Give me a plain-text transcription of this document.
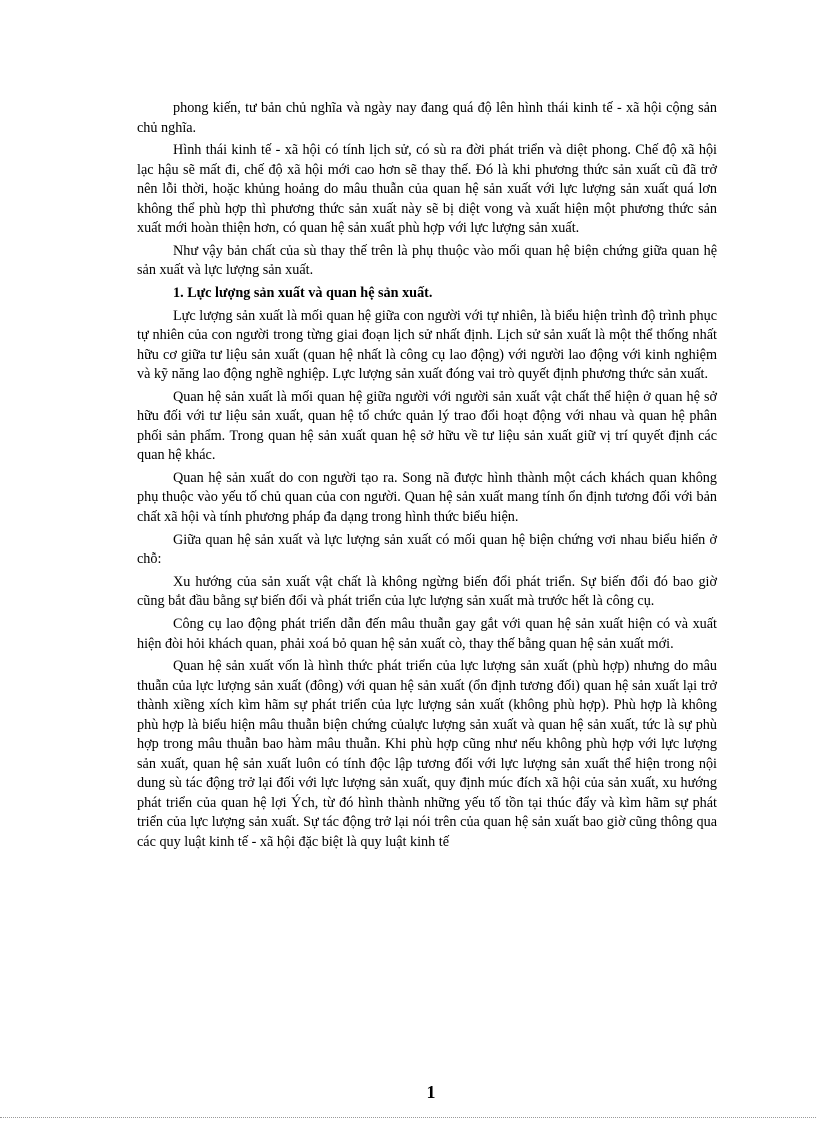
phong kiến, tư bản chủ nghĩa và ngày nay đang quá độ lên hình thái kinh tế - xã hội cộng sản chủ nghĩa.

Hình thái kinh tế - xã hội có tính lịch sử, có sù ra đời phát triển và diệt phong. Chế độ xã hội lạc hậu sẽ mất đi, chế độ xã hội mới cao hơn sẽ thay thế. Đó là khi phương thức sản xuất cũ đã trở nên lỗi thời, hoặc khủng hoảng do mâu thuẫn của quan hệ sản xuất với lực lượng sản xuất quá lơn không thể phù hợp thì phương thức sản xuất này sẽ bị diệt vong và xuất hiện một phương thức sản xuất mới hoàn thiện hơn, có quan hệ sản xuất phù hợp với lực lượng sản xuất.

Như vậy bản chất của sù thay thế trên là phụ thuộc vào mối quan hệ biện chứng giữa quan hệ sản xuất và lực lượng sản xuất.

1. Lực lượng sản xuất và quan hệ sản xuất.

Lực lượng sản xuất là mối quan hệ giữa con người với tự nhiên, là biểu hiện trình độ trình phục tự nhiên của con người trong từng giai đoạn lịch sử nhất định. Lịch sử sản xuất là một thể thống nhất hữu cơ giữa tư liệu sản xuất (quan hệ nhất là công cụ lao động) với người lao động với kinh nghiệm và kỹ năng lao động nghề nghiệp. Lực lượng sản xuất đóng vai trò quyết định phương thức sản xuất.

Quan hệ sản xuất là mối quan hệ giữa người với người sản xuất vật chất thể hiện ở quan hệ sở hữu đối với tư liệu sản xuất, quan hệ tổ chức quản lý trao đổi hoạt động với nhau và quan hệ phân phối sản phẩm. Trong quan hệ sản xuất quan hệ sở hữu về tư liệu sản xuất giữ vị trí quyết định các quan hệ khác.

Quan hệ sản xuất do con người tạo ra. Song nã được hình thành một cách khách quan không phụ thuộc vào yếu tố chủ quan của con người. Quan hệ sản xuất mang tính ổn định tương đối với bản chất xã hội và tính phương pháp đa dạng trong hình thức biểu hiện.

Giữa quan hệ sản xuất và lực lượng sản xuất có mối quan hệ biện chứng vơi nhau biểu hiển ở chỗ:

Xu hướng của sản xuất vật chất là không ngừng biến đổi phát triển. Sự biến đổi đó bao giờ cũng bắt đầu bằng sự biến đổi và phát triển của lực lượng sản xuất mà trước hết là công cụ.

Công cụ lao động phát triển dẫn đến mâu thuẫn gay gắt với quan hệ sản xuất hiện có và xuất hiện đòi hỏi khách quan, phải xoá bỏ quan hệ sản xuất cò, thay thế bằng quan hệ sản xuất mới.

Quan hệ sản xuất vốn là hình thức phát triển của lực lượng sản xuất (phù hợp) nhưng do mâu thuẫn của lực lượng sản xuất (đông) với quan hệ sản xuất (ổn định tương đối) quan hệ sản xuất lại trở thành xiềng xích kìm hãm sự phát triển của lực lượng sản xuất (không phù hợp). Phù hợp là không phù hợp là biểu hiện mâu thuẫn biện chứng củalực lượng sản xuất và quan hệ sản xuất, tức là sự phù hợp trong mâu thuẫn bao hàm mâu thuẫn. Khi phù hợp cũng như nếu không phù hợp với lực lượng sản xuất, quan hệ sản xuất luôn có tính độc lập tương đối với lực lượng sản xuất thể hiện trong nội dung sù tác động trở lại đối với lực lượng sản xuất, quy định múc đích xã hội của sản xuất, xu hướng phát triển của quan hệ lợi Ých, từ đó hình thành những yếu tố tồn tại thúc đẩy và kìm hãm sự phát triển của lực lượng sản xuất. Sự tác động trở lại nói trên của quan hệ sản xuất bao giờ cũng thông qua các quy luật kinh tế - xã hội đặc biệt là quy luật kinh tế

1
